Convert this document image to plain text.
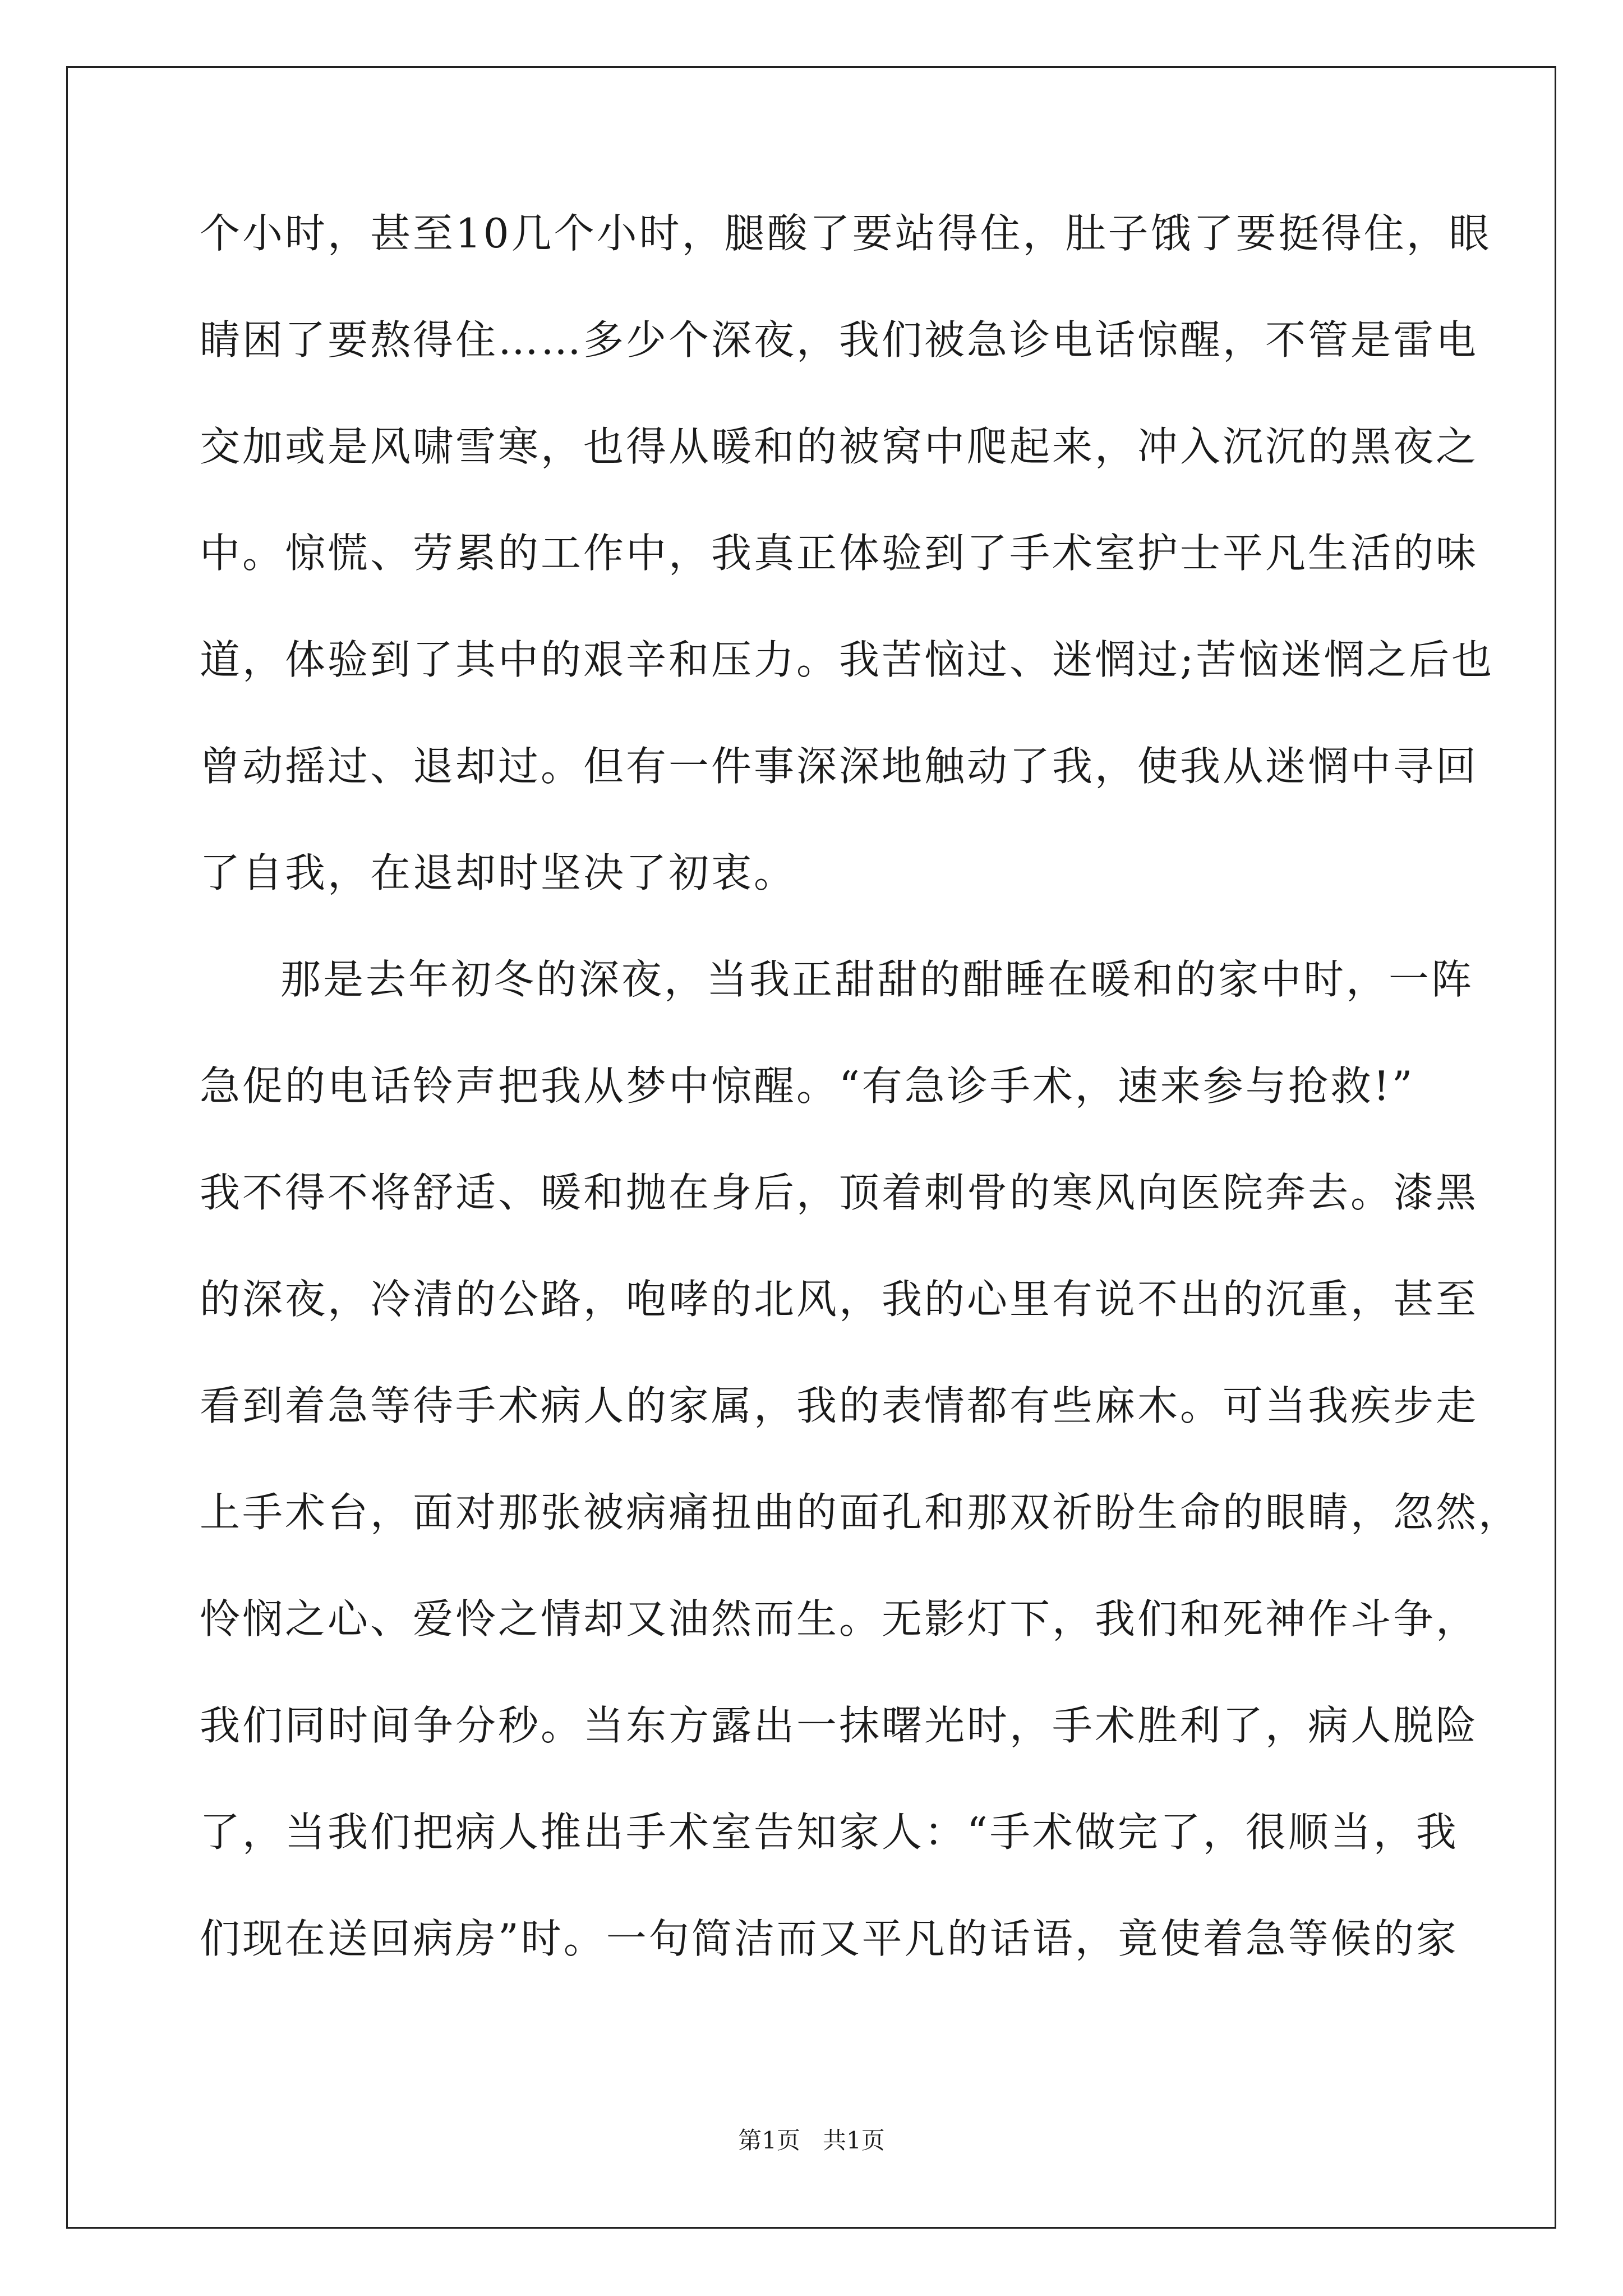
个小时，甚至10几个小时，腿酸了要站得住，肚子饿了要挺得住，眼
睛困了要熬得住……多少个深夜，我们被急诊电话惊醒，不管是雷电
交加或是风啸雪寒，也得从暖和的被窝中爬起来，冲入沉沉的黑夜之
中。惊慌、劳累的工作中，我真正体验到了手术室护士平凡生活的味
道，体验到了其中的艰辛和压力。我苦恼过、迷惘过;苦恼迷惘之后也
曾动摇过、退却过。但有一件事深深地触动了我，使我从迷惘中寻回
了自我，在退却时坚决了初衷。
那是去年初冬的深夜，当我正甜甜的酣睡在暖和的家中时，一阵
急促的电话铃声把我从梦中惊醒。“有急诊手术，速来参与抢救!”
我不得不将舒适、暖和抛在身后，顶着刺骨的寒风向医院奔去。漆黑
的深夜，冷清的公路，咆哮的北风，我的心里有说不出的沉重，甚至
看到着急等待手术病人的家属，我的表情都有些麻木。可当我疾步走
上手术台，面对那张被病痛扭曲的面孔和那双祈盼生命的眼睛，忽然，
怜悯之心、爱怜之情却又油然而生。无影灯下，我们和死神作斗争，
我们同时间争分秒。当东方露出一抹曙光时，手术胜利了，病人脱险
了，当我们把病人推出手术室告知家人：“手术做完了，很顺当，我
们现在送回病房”时。一句简洁而又平凡的话语，竟使着急等候的家
第1页 共1页
